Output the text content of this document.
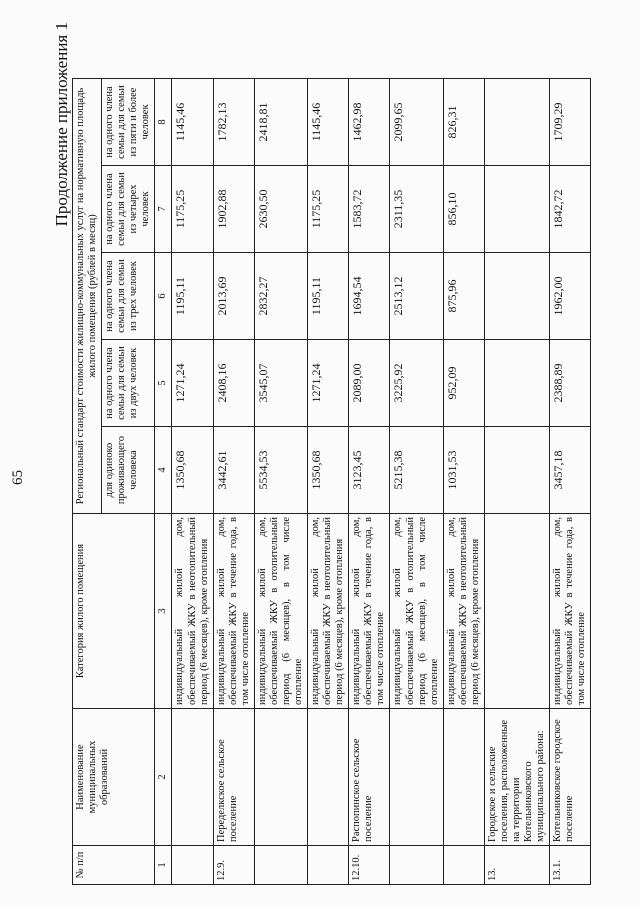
65
Продолжение приложения 1
№ п/п	Наименование муниципальных образований	Категория жилого помещения	Региональный стандарт стоимости жилищно-коммунальных услуг на нормативную площадь жилого помещения (рублей в месяц)				
			для одиноко проживающего человека	на одного члена семьи для семьи из двух человек	на одного члена семьи для семьи из трех человек	на одного члена семьи для семьи из четырех человек	на одного члена семьи для семьи из пяти и более человек
1	2	3	4	5	6	7	8
		индивидуальный жилой дом, обеспечиваемый ЖКУ в неотопительный период (6 месяцев), кроме отопления	1350,68	1271,24	1195,11	1175,25	1145,46
12.9.	Переделкское сельское поселение	индивидуальный жилой дом, обеспечиваемый ЖКУ в течение года, в том числе отопление	3442,61	2408,16	2013,69	1902,88	1782,13
		индивидуальный жилой дом, обеспечиваемый ЖКУ в отопительный период (6 месяцев), в том числе отопление	5534,53	3545,07	2832,27	2630,50	2418,81
		индивидуальный жилой дом, обеспечиваемый ЖКУ в неотопительный период (6 месяцев), кроме отопления	1350,68	1271,24	1195,11	1175,25	1145,46
12.10.	Распопинское сельское поселение	индивидуальный жилой дом, обеспечиваемый ЖКУ в течение года, в том числе отопление	3123,45	2089,00	1694,54	1583,72	1462,98
		индивидуальный жилой дом, обеспечиваемый ЖКУ в отопительный период (6 месяцев), в том числе отопление	5215,38	3225,92	2513,12	2311,35	2099,65
		индивидуальный жилой дом, обеспечиваемый ЖКУ в неотопительный период (6 месяцев), кроме отопления	1031,53	952,09	875,96	856,10	826,31
13.	Городское и сельские поселения, расположенные на территории Котельниковского муниципального района:						
13.1.	Котельниковское городское поселение	индивидуальный жилой дом, обеспечиваемый ЖКУ в течение года, в том числе отопление	3457,18	2388,89	1962,00	1842,72	1709,29
